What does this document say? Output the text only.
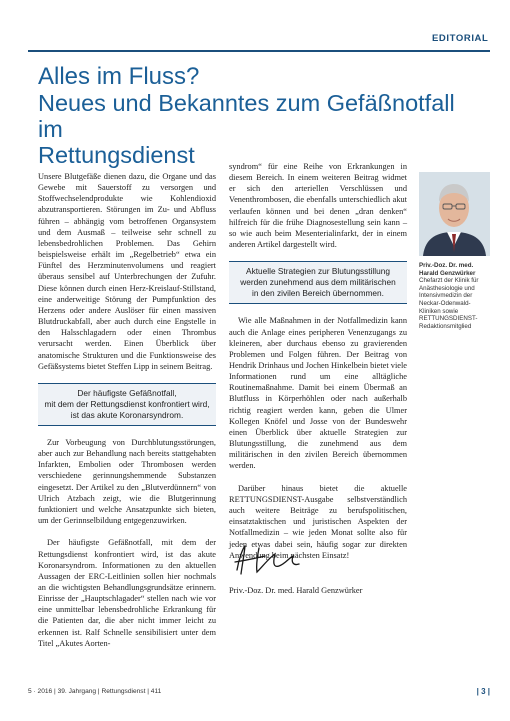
EDITORIAL
Alles im Fluss?
Neues und Bekanntes zum Gefäßnotfall im
Rettungsdienst

Unsere Blutgefäße dienen dazu, die Organe und das Gewebe mit Sauerstoff zu versorgen und Stoffwechselendprodukte wie Kohlendioxid abzutransportieren. Störungen im Zu- und Abfluss führen – abhängig vom betroffenen Organsystem und dem Ausmaß – teilweise sehr schnell zu lebensbedrohlichen Problemen. Das Gehirn beispielsweise erhält im „Regelbetrieb“ etwa ein Fünftel des Herzminutenvolumens und reagiert überaus sensibel auf Unterbrechungen der Zufuhr. Diese können durch einen Herz-Kreislauf-Stillstand, eine anderweitige Störung der Pumpfunktion des Herzens oder andere Auslöser für einen massiven Blutdruckabfall, aber auch durch eine Engstelle in den Halsschlagadern oder einen Thrombus verursacht werden. Einen Überblick über anatomische Strukturen und die Funktionsweise des Gefäßsystems bietet Steffen Lipp in seinem Beitrag.

Der häufigste Gefäßnotfall,
mit dem der Rettungsdienst konfrontiert wird,
ist das akute Koronarsyndrom.

Zur Vorbeugung von Durchblutungsstörungen, aber auch zur Behandlung nach bereits stattgehabten Infarkten, Embolien oder Thrombosen werden verschiedene gerinnungshemmende Substanzen eingesetzt. Der Artikel zu den „Blutverdünnern“ von Ulrich Atzbach zeigt, wie die Blutgerinnung funktioniert und welche Ansatzpunkte sich bieten, um der Gerinnselbildung entgegenzuwirken.

Der häufigste Gefäßnotfall, mit dem der Rettungsdienst konfrontiert wird, ist das akute Koronarsyndrom. Informationen zu den aktuellen Aussagen der ERC-Leitlinien sollen hier nochmals an die wichtigsten Behandlungsgrundsätze erinnern. Einrisse der „Hauptschlagader“ stellen nach wie vor eine unmittelbar lebensbedrohliche Erkrankung für die Patienten dar, die aber nicht immer leicht zu erkennen ist. Ralf Schnelle sensibilisiert unter dem Titel „Akutes Aorten-

syndrom“ für eine Reihe von Erkrankungen in diesem Bereich. In einem weiteren Beitrag widmet er sich den arteriellen Verschlüssen und Venenthrombosen, die ebenfalls unterschiedlich akut verlaufen können und bei denen „dran denken“ hilfreich für die frühe Diagnosestellung sein kann – so wie auch beim Mesenterialinfarkt, der in einem anderen Artikel dargestellt wird.

Aktuelle Strategien zur Blutungsstillung
werden zunehmend aus dem militärischen
in den zivilen Bereich übernommen.

Wie alle Maßnahmen in der Notfallmedizin kann auch die Anlage eines peripheren Venenzugangs zu kleineren, aber durchaus ebenso zu gravierenden Problemen und Folgen führen. Der Beitrag von Hendrik Drinhaus und Jochen Hinkelbein bietet viele Informationen rund um eine alltägliche Routinemaßnahme. Damit bei einem Übermaß an Blutfluss in Körperhöhlen oder nach außerhalb richtig reagiert werden kann, geben die Ulmer Kollegen Knöfel und Josse von der Bundeswehr einen Überblick über aktuelle Strategien zur Blutungsstillung, die zunehmend aus dem militärischen in den zivilen Bereich übernommen werden.

Darüber hinaus bietet die aktuelle RETTUNGSDIENST-Ausgabe selbstverständlich auch weitere Beiträge zu berufspolitischen, einsatztaktischen und juristischen Aspekten der Notfallmedizin – wie jeden Monat sollte also für jeden etwas dabei sein, häufig sogar zur direkten Anwendung beim nächsten Einsatz!

Priv.-Doz. Dr. med. Harald Genzwürker
Priv.-Doz. Dr. med.
Harald Genzwürker
Chefarzt der Klinik für
Anästhesiologie und
Intensivmedizin der
Neckar-Odenwald-
Kliniken sowie
RETTUNGSDIENST-
Redaktionsmitglied
5 · 2016 | 39. Jahrgang | Rettungsdienst | 411	| 3 |
